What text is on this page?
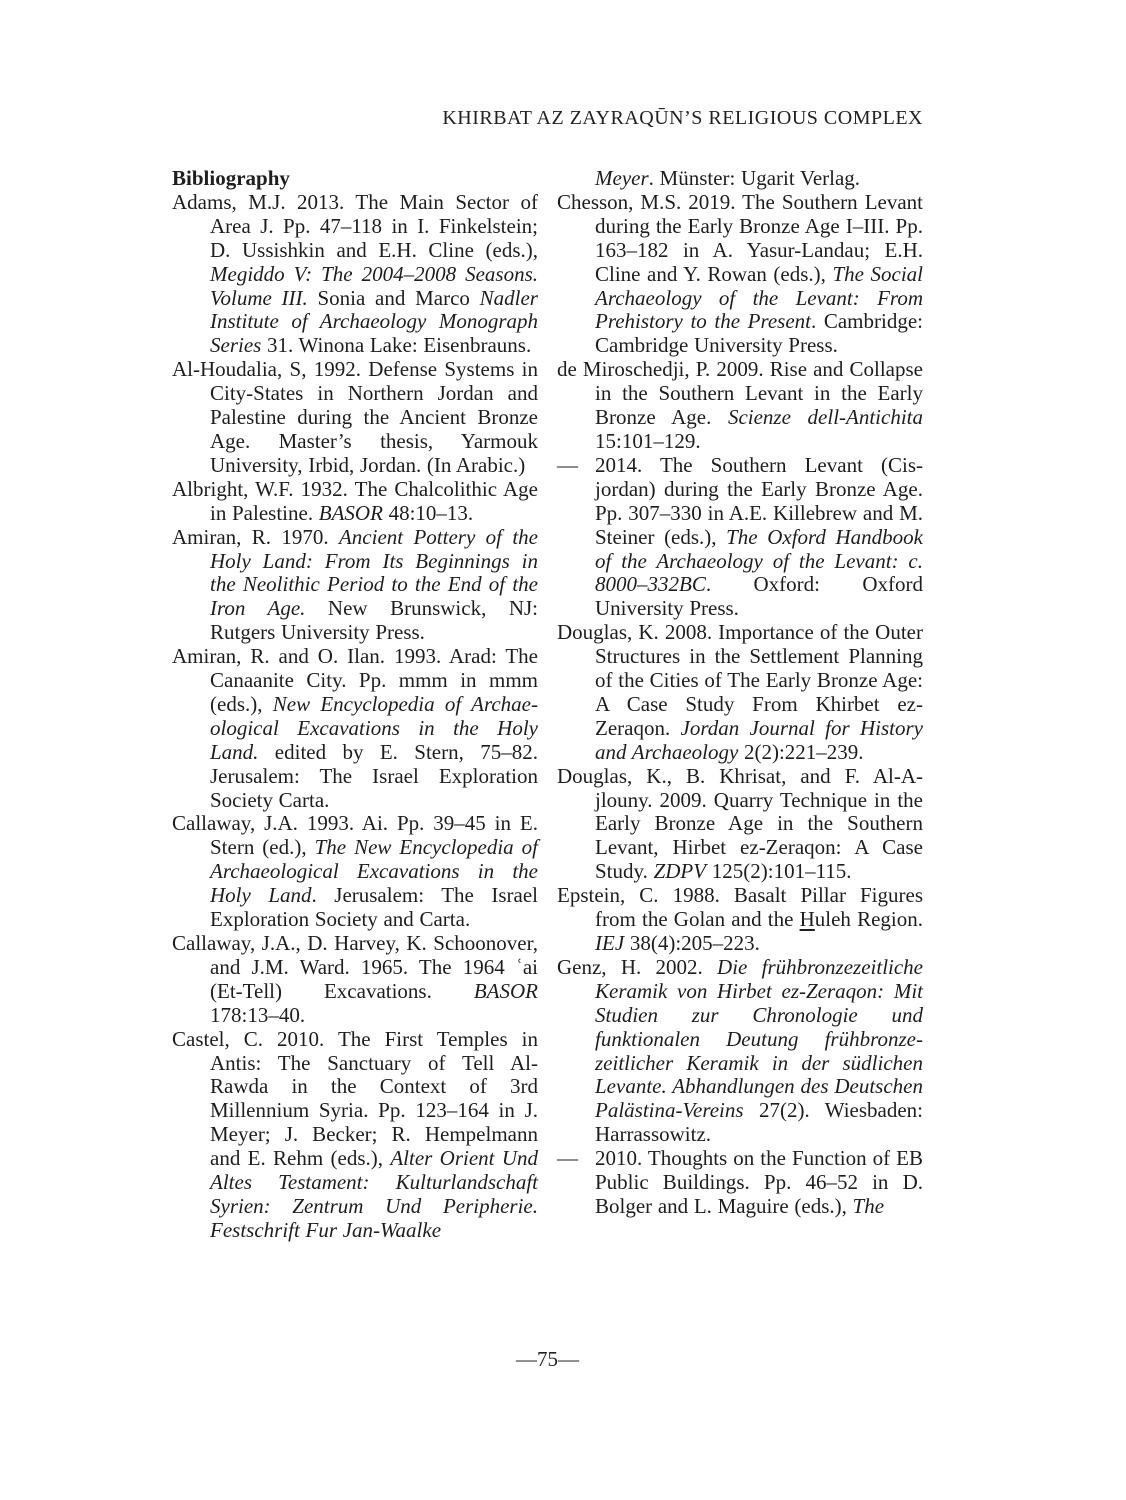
KHIRBAT AZ ZAYRAQŪN’S RELIGIOUS COMPLEX
Bibliography
Adams, M.J. 2013. The Main Sector of Area J. Pp. 47–118 in I. Finkelstein; D. Ussishkin and E.H. Cline (eds.), Megiddo V: The 2004–2008 Seasons. Volume III. Sonia and Marco Nadler Institute of Archaeology Monograph Series 31. Winona Lake: Eisenbrauns.
Al-Houdalia, S, 1992. Defense Systems in City-States in Northern Jordan and Palestine during the Ancient Bronze Age. Master’s thesis, Yarmouk University, Irbid, Jordan. (In Arabic.)
Albright, W.F. 1932. The Chalcolithic Age in Palestine. BASOR 48:10–13.
Amiran, R. 1970. Ancient Pottery of the Holy Land: From Its Beginnings in the Neolithic Period to the End of the Iron Age. New Brunswick, NJ: Rutgers University Press.
Amiran, R. and O. Ilan. 1993. Arad: The Canaanite City. Pp. mmm in mmm (eds.), New Encyclopedia of Archaeological Excavations in the Holy Land. edited by E. Stern, 75–82. Jerusalem: The Israel Exploration Society Carta.
Callaway, J.A. 1993. Ai. Pp. 39–45 in E. Stern (ed.), The New Encyclopedia of Archaeological Excavations in the Holy Land. Jerusalem: The Israel Exploration Society and Carta.
Callaway, J.A., D. Harvey, K. Schoonover, and J.M. Ward. 1965. The 1964 ʿai (Et-Tell) Excavations. BASOR 178:13–40.
Castel, C. 2010. The First Temples in Antis: The Sanctuary of Tell Al-Rawda in the Context of 3rd Millennium Syria. Pp. 123–164 in J. Meyer; J. Becker; R. Hempelmann and E. Rehm (eds.), Alter Orient Und Altes Testament: Kulturlandschaft Syrien: Zentrum Und Peripherie. Festschrift Fur Jan-Waalke
Meyer. Münster: Ugarit Verlag.
Chesson, M.S. 2019. The Southern Levant during the Early Bronze Age I–III. Pp. 163–182 in A. Yasur-Landau; E.H. Cline and Y. Rowan (eds.), The Social Archaeology of the Levant: From Prehistory to the Present. Cambridge: Cambridge University Press.
de Miroschedji, P. 2009. Rise and Collapse in the Southern Levant in the Early Bronze Age. Scienze dell-Antichita 15:101–129.
— 2014. The Southern Levant (Cisjordan) during the Early Bronze Age. Pp. 307–330 in A.E. Killebrew and M. Steiner (eds.), The Oxford Handbook of the Archaeology of the Levant: c. 8000–332BC. Oxford: Oxford University Press.
Douglas, K. 2008. Importance of the Outer Structures in the Settlement Planning of the Cities of The Early Bronze Age: A Case Study From Khirbet ez-Zeraqon. Jordan Journal for History and Archaeology 2(2):221–239.
Douglas, K., B. Khrisat, and F. Al-Ajlouny. 2009. Quarry Technique in the Early Bronze Age in the Southern Levant, Hirbet ez-Zeraqon: A Case Study. ZDPV 125(2):101–115.
Epstein, C. 1988. Basalt Pillar Figures from the Golan and the Huleh Region. IEJ 38(4):205–223.
Genz, H. 2002. Die frühbronzezeitliche Keramik von Hirbet ez-Zeraqon: Mit Studien zur Chronologie und funktionalen Deutung frühbronzezeitlicher Keramik in der südlichen Levante. Abhandlungen des Deutschen Palästina-Vereins 27(2). Wiesbaden: Harrassowitz.
— 2010. Thoughts on the Function of EB Public Buildings. Pp. 46–52 in D. Bolger and L. Maguire (eds.), The
—75—
